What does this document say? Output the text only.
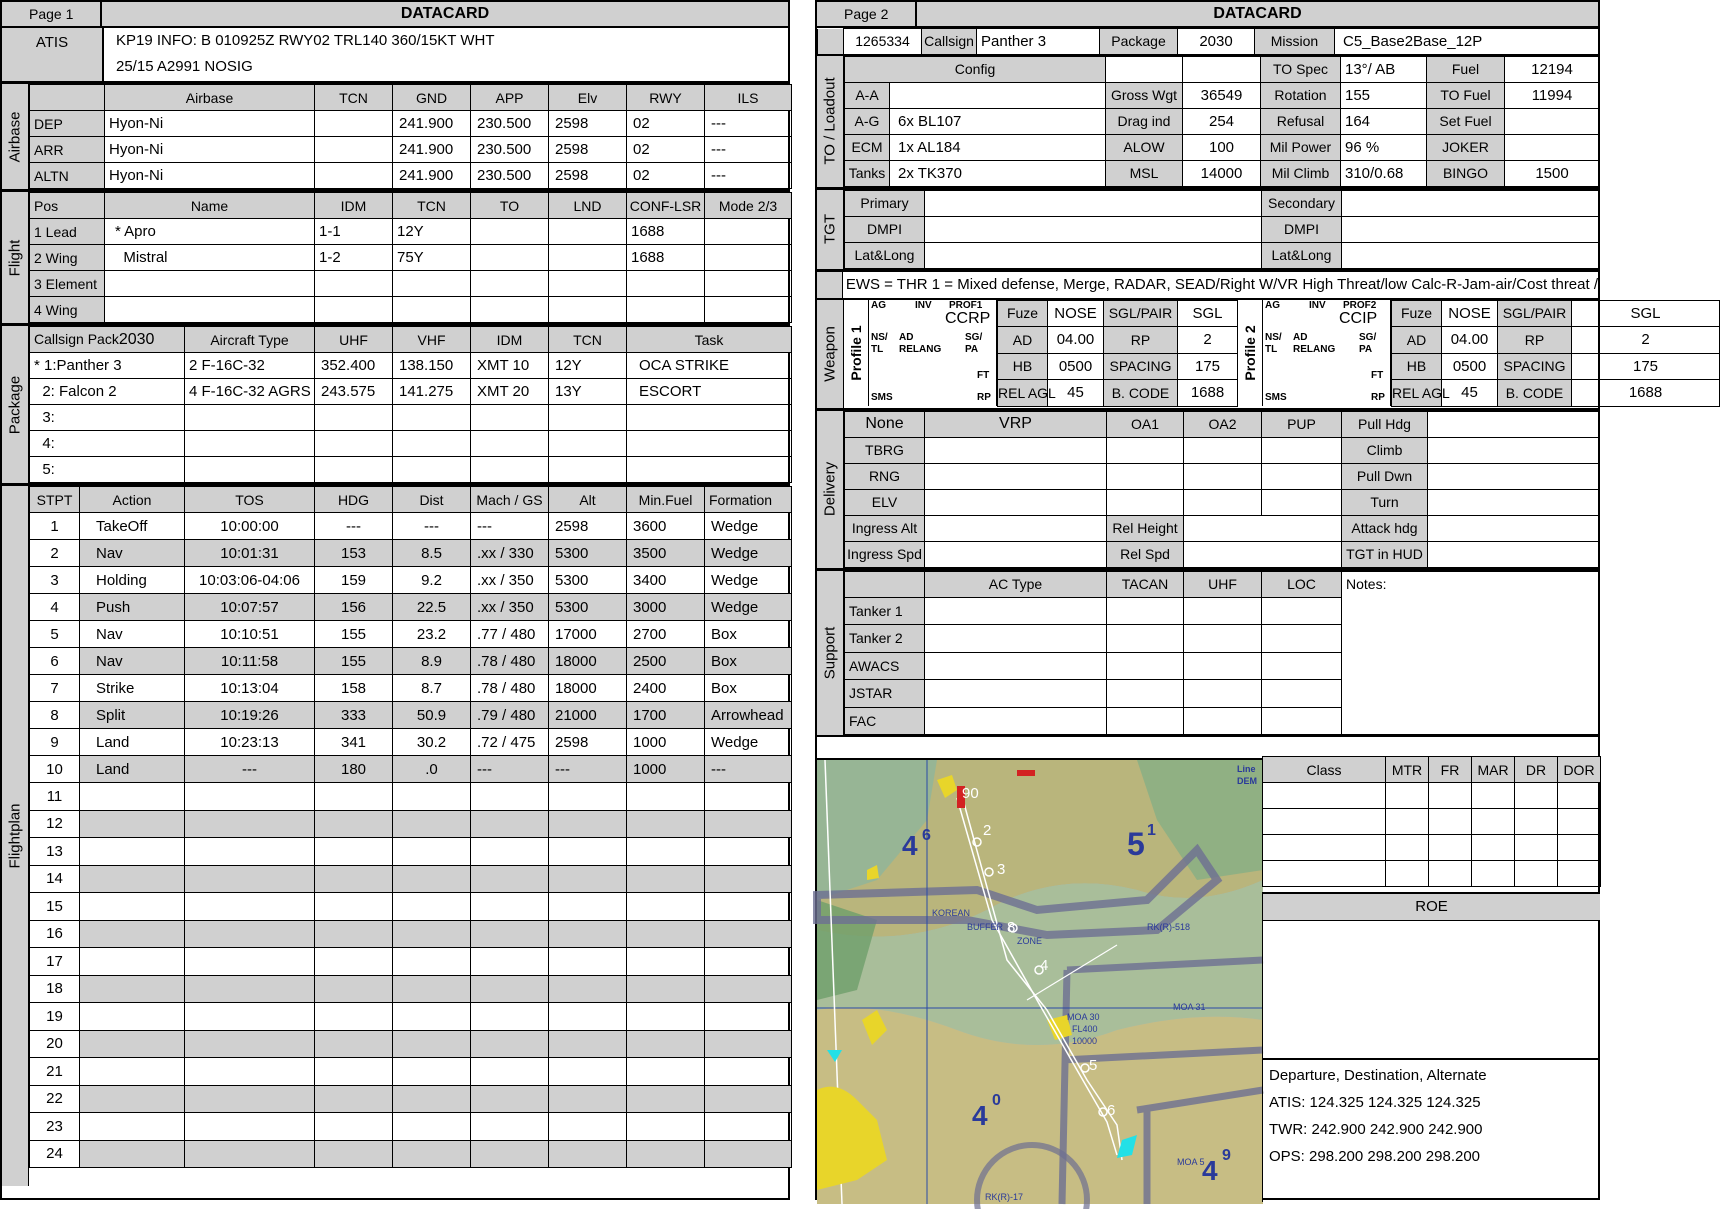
Page 1	DATACARD
ATIS	KP19 INFO: B 010925Z RWY02 TRL140 360/15KT WHT
25/15 A2991 NOSIG
Airbase
	Airbase	TCN	GND	APP	Elv	RWY	ILS
DEP	Hyon-Ni		241.900	230.500	2598	02	---
ARR	Hyon-Ni		241.900	230.500	2598	02	---
ALTN	Hyon-Ni		241.900	230.500	2598	02	---
Flight
Pos	Name	IDM	TCN	TO	LND	CONF-LSR	Mode 2/3
1 Lead	* Apro	1-1	12Y			1688	
2 Wing	Mistral	1-2	75Y			1688	
3 Element							
4 Wing							
Package
Callsign Pack2030	Aircraft Type	UHF	VHF	IDM	TCN	Task
* 1:Panther 3	2 F-16C-32	352.400	138.150	XMT 10	12Y	OCA STRIKE
2: Falcon 2	4 F-16C-32 AGRS	243.575	141.275	XMT 20	13Y	ESCORT
3:						
4:						
5:						
Flightplan
STPT	Action	TOS	HDG	Dist	Mach / GS	Alt	Min.Fuel	Formation
1	TakeOff	10:00:00	---	---	---	2598	3600	Wedge
2	Nav	10:01:31	153	8.5	.xx / 330	5300	3500	Wedge
3	Holding	10:03:06-04:06	159	9.2	.xx / 350	5300	3400	Wedge
4	Push	10:07:57	156	22.5	.xx / 350	5300	3000	Wedge
5	Nav	10:10:51	155	23.2	.77 / 480	17000	2700	Box
6	Nav	10:11:58	155	8.9	.78 / 480	18000	2500	Box
7	Strike	10:13:04	158	8.7	.78 / 480	18000	2400	Box
8	Split	10:19:26	333	50.9	.79 / 480	21000	1700	Arrowhead
9	Land	10:23:13	341	30.2	.72 / 475	2598	1000	Wedge
10	Land	---	180	.0	---	---	1000	---
11								
12								
13								
14								
15								
16								
17								
18								
19								
20								
21								
22								
23								
24								
Page 2	DATACARD
	1265334	Callsign	Panther 3	Package	2030	Mission	C5_Base2Base_12P
TO / Loadout
Config				TO Spec	13°/ AB	Fuel	12194
A-A		Gross Wgt	36549	Rotation	155	TO Fuel	11994
A-G	6x BL107	Drag ind	254	Refusal	164	Set Fuel	
ECM	1x AL184	ALOW	100	Mil Power	96 %	JOKER	
Tanks	2x TK370	MSL	14000	Mil Climb	310/0.68	BINGO	1500
TGT
Primary		Secondary	
DMPI		DMPI	
Lat&Long		Lat&Long	
EWS = THR 1 = Mixed defense, Merge, RADAR, SEAD/Right W/VR High Threat/low Calc-R-Jam-air/Cost threat /
Weapon Profile 1
AG	INV PROF1
CCRP
NS/
TL
AD
RELANG
SG/
PA
FT
SMS	RP
Fuze	NOSE	SGL/PAIR	SGL
AD	04.00	RP	2
HB	0500	SPACING	175
REL AGL	45	B. CODE	1688
Profile 2
AG	INV PROF2
CCIP
NS/
TL
AD
RELANG
SG/
PA
FT
SMS	RP
Fuze	NOSE	SGL/PAIR	SGL
AD	04.00	RP	2
HB	0500	SPACING	175
REL AGL	45	B. CODE	1688
Delivery
None	VRP	OA1	OA2	PUP	Pull Hdg	
TBRG					Climb	
RNG					Pull Dwn	
ELV					Turn	
Ingress Alt		Rel Height			Attack hdg	
Ingress Spd		Rel Spd			TGT in HUD	
Support
	AC Type	TACAN	UHF	LOC	Notes:
Tanker 1					
Tanker 2					
AWACS					
JSTAR					
FAC					
4 6	5 1
4 0
4 9
90
2
3
8
4
5
6
KOREAN
BUFFER
ZONE
RK(R)-518
MOA 30
MOA 31
FL400
10000
MOA 5
RK(R)-17
Line
DEM
Class	MTR	FR	MAR	DR	DOR

ROE
Departure, Destination, Alternate
ATIS: 124.325 124.325 124.325
TWR: 242.900 242.900 242.900
OPS: 298.200 298.200 298.200
